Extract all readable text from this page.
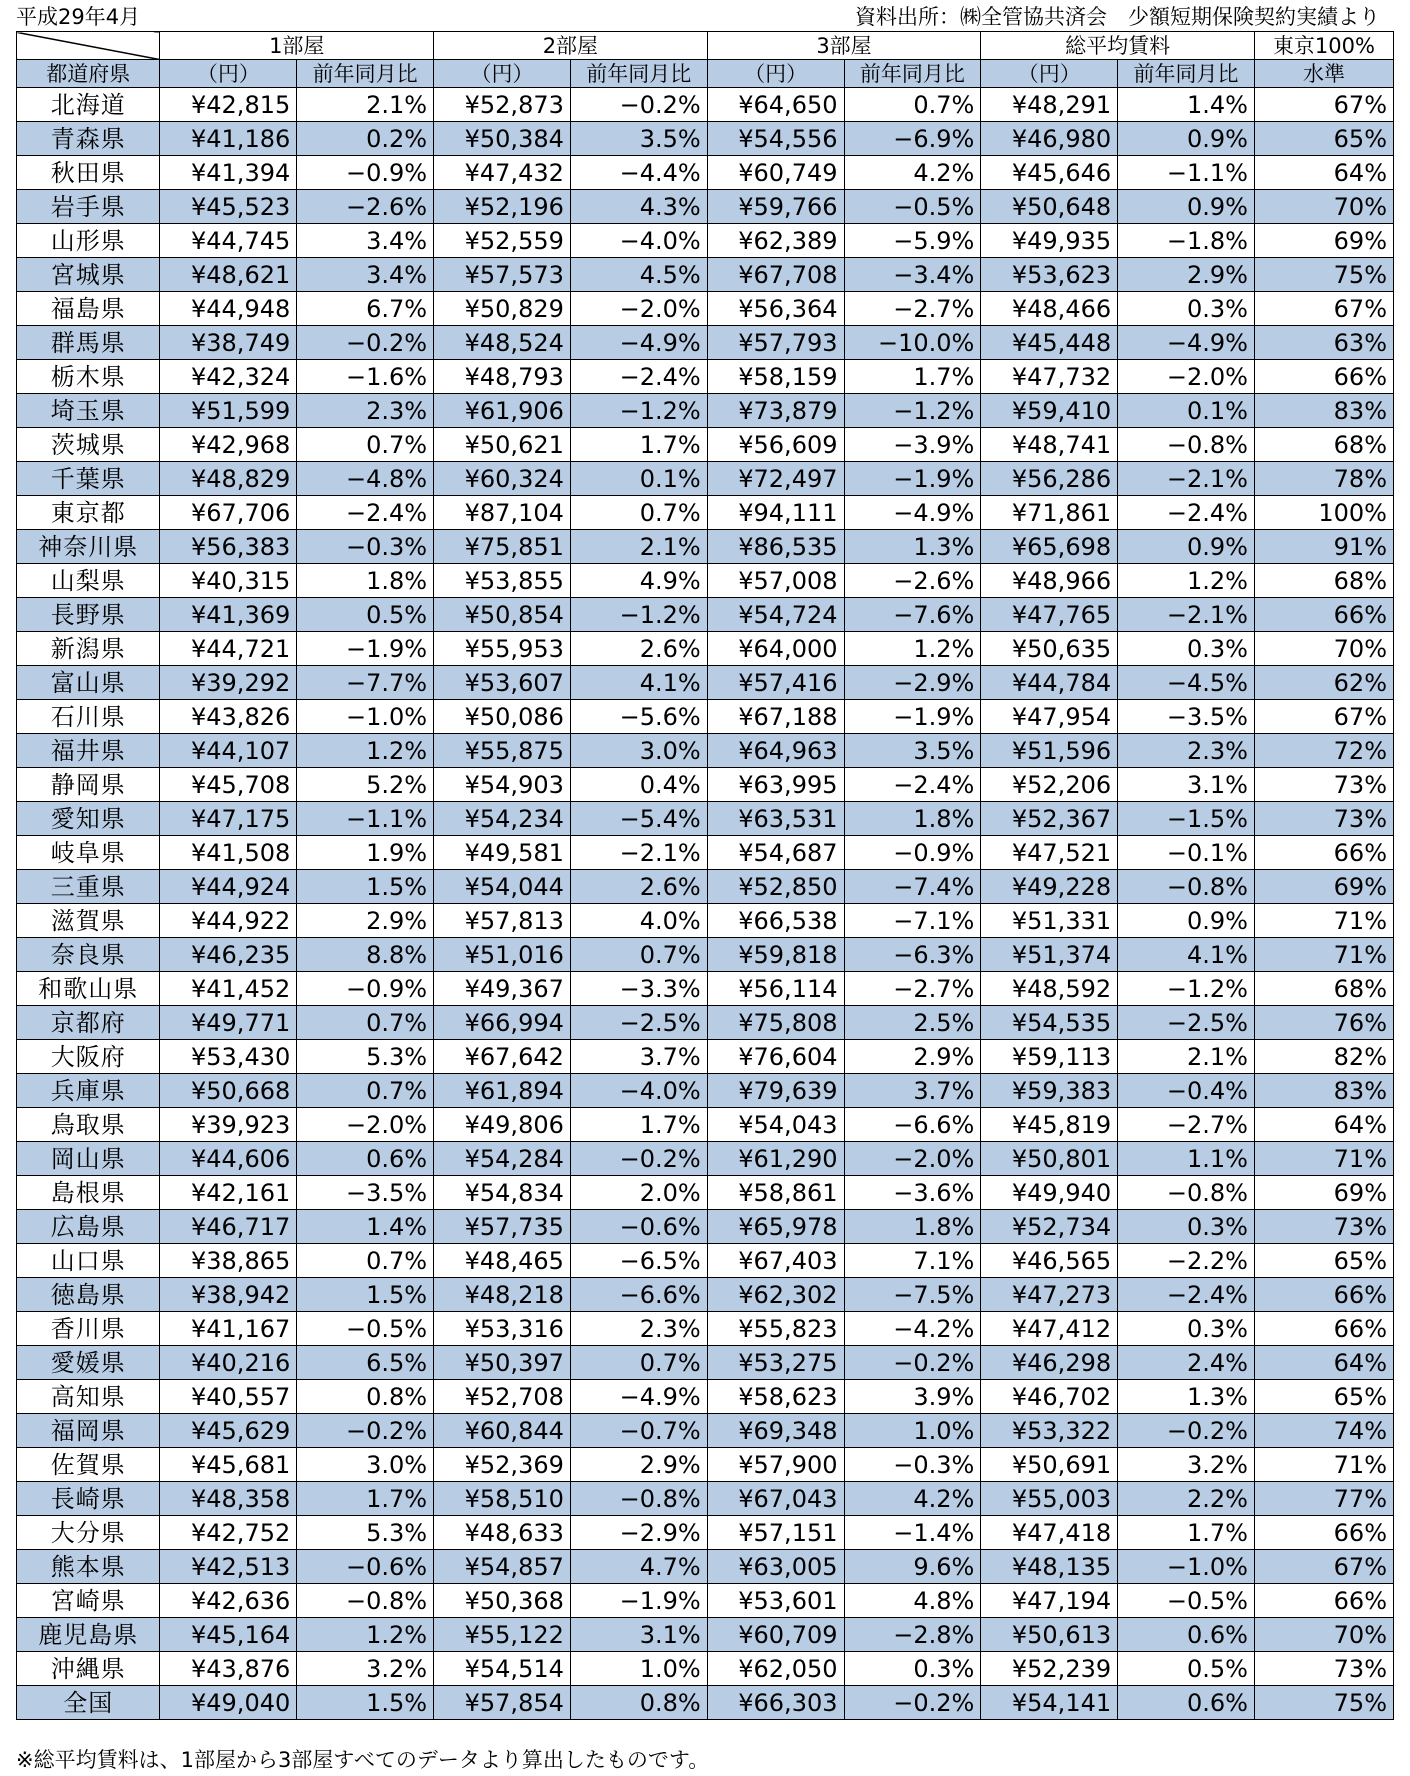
平成29年4月	資料出所：㈱全管協共済会　少額短期保険契約実績より
	1部屋		2部屋		3部屋		総平均賃料		東京100%
都道府県	（円）	前年同月比	（円）	前年同月比	（円）	前年同月比	（円）	前年同月比	水準
北海道	¥42,815	2.1%	¥52,873	−0.2%	¥64,650	0.7%	¥48,291	1.4%	67%
青森県	¥41,186	0.2%	¥50,384	3.5%	¥54,556	−6.9%	¥46,980	0.9%	65%
秋田県	¥41,394	−0.9%	¥47,432	−4.4%	¥60,749	4.2%	¥45,646	−1.1%	64%
岩手県	¥45,523	−2.6%	¥52,196	4.3%	¥59,766	−0.5%	¥50,648	0.9%	70%
山形県	¥44,745	3.4%	¥52,559	−4.0%	¥62,389	−5.9%	¥49,935	−1.8%	69%
宮城県	¥48,621	3.4%	¥57,573	4.5%	¥67,708	−3.4%	¥53,623	2.9%	75%
福島県	¥44,948	6.7%	¥50,829	−2.0%	¥56,364	−2.7%	¥48,466	0.3%	67%
群馬県	¥38,749	−0.2%	¥48,524	−4.9%	¥57,793	−10.0%	¥45,448	−4.9%	63%
栃木県	¥42,324	−1.6%	¥48,793	−2.4%	¥58,159	1.7%	¥47,732	−2.0%	66%
埼玉県	¥51,599	2.3%	¥61,906	−1.2%	¥73,879	−1.2%	¥59,410	0.1%	83%
茨城県	¥42,968	0.7%	¥50,621	1.7%	¥56,609	−3.9%	¥48,741	−0.8%	68%
千葉県	¥48,829	−4.8%	¥60,324	0.1%	¥72,497	−1.9%	¥56,286	−2.1%	78%
東京都	¥67,706	−2.4%	¥87,104	0.7%	¥94,111	−4.9%	¥71,861	−2.4%	100%
神奈川県	¥56,383	−0.3%	¥75,851	2.1%	¥86,535	1.3%	¥65,698	0.9%	91%
山梨県	¥40,315	1.8%	¥53,855	4.9%	¥57,008	−2.6%	¥48,966	1.2%	68%
長野県	¥41,369	0.5%	¥50,854	−1.2%	¥54,724	−7.6%	¥47,765	−2.1%	66%
新潟県	¥44,721	−1.9%	¥55,953	2.6%	¥64,000	1.2%	¥50,635	0.3%	70%
富山県	¥39,292	−7.7%	¥53,607	4.1%	¥57,416	−2.9%	¥44,784	−4.5%	62%
石川県	¥43,826	−1.0%	¥50,086	−5.6%	¥67,188	−1.9%	¥47,954	−3.5%	67%
福井県	¥44,107	1.2%	¥55,875	3.0%	¥64,963	3.5%	¥51,596	2.3%	72%
静岡県	¥45,708	5.2%	¥54,903	0.4%	¥63,995	−2.4%	¥52,206	3.1%	73%
愛知県	¥47,175	−1.1%	¥54,234	−5.4%	¥63,531	1.8%	¥52,367	−1.5%	73%
岐阜県	¥41,508	1.9%	¥49,581	−2.1%	¥54,687	−0.9%	¥47,521	−0.1%	66%
三重県	¥44,924	1.5%	¥54,044	2.6%	¥52,850	−7.4%	¥49,228	−0.8%	69%
滋賀県	¥44,922	2.9%	¥57,813	4.0%	¥66,538	−7.1%	¥51,331	0.9%	71%
奈良県	¥46,235	8.8%	¥51,016	0.7%	¥59,818	−6.3%	¥51,374	4.1%	71%
和歌山県	¥41,452	−0.9%	¥49,367	−3.3%	¥56,114	−2.7%	¥48,592	−1.2%	68%
京都府	¥49,771	0.7%	¥66,994	−2.5%	¥75,808	2.5%	¥54,535	−2.5%	76%
大阪府	¥53,430	5.3%	¥67,642	3.7%	¥76,604	2.9%	¥59,113	2.1%	82%
兵庫県	¥50,668	0.7%	¥61,894	−4.0%	¥79,639	3.7%	¥59,383	−0.4%	83%
鳥取県	¥39,923	−2.0%	¥49,806	1.7%	¥54,043	−6.6%	¥45,819	−2.7%	64%
岡山県	¥44,606	0.6%	¥54,284	−0.2%	¥61,290	−2.0%	¥50,801	1.1%	71%
島根県	¥42,161	−3.5%	¥54,834	2.0%	¥58,861	−3.6%	¥49,940	−0.8%	69%
広島県	¥46,717	1.4%	¥57,735	−0.6%	¥65,978	1.8%	¥52,734	0.3%	73%
山口県	¥38,865	0.7%	¥48,465	−6.5%	¥67,403	7.1%	¥46,565	−2.2%	65%
徳島県	¥38,942	1.5%	¥48,218	−6.6%	¥62,302	−7.5%	¥47,273	−2.4%	66%
香川県	¥41,167	−0.5%	¥53,316	2.3%	¥55,823	−4.2%	¥47,412	0.3%	66%
愛媛県	¥40,216	6.5%	¥50,397	0.7%	¥53,275	−0.2%	¥46,298	2.4%	64%
高知県	¥40,557	0.8%	¥52,708	−4.9%	¥58,623	3.9%	¥46,702	1.3%	65%
福岡県	¥45,629	−0.2%	¥60,844	−0.7%	¥69,348	1.0%	¥53,322	−0.2%	74%
佐賀県	¥45,681	3.0%	¥52,369	2.9%	¥57,900	−0.3%	¥50,691	3.2%	71%
長崎県	¥48,358	1.7%	¥58,510	−0.8%	¥67,043	4.2%	¥55,003	2.2%	77%
大分県	¥42,752	5.3%	¥48,633	−2.9%	¥57,151	−1.4%	¥47,418	1.7%	66%
熊本県	¥42,513	−0.6%	¥54,857	4.7%	¥63,005	9.6%	¥48,135	−1.0%	67%
宮崎県	¥42,636	−0.8%	¥50,368	−1.9%	¥53,601	4.8%	¥47,194	−0.5%	66%
鹿児島県	¥45,164	1.2%	¥55,122	3.1%	¥60,709	−2.8%	¥50,613	0.6%	70%
沖縄県	¥43,876	3.2%	¥54,514	1.0%	¥62,050	0.3%	¥52,239	0.5%	73%
全国	¥49,040	1.5%	¥57,854	0.8%	¥66,303	−0.2%	¥54,141	0.6%	75%
※総平均賃料は、1部屋から3部屋すべてのデータより算出したものです。
